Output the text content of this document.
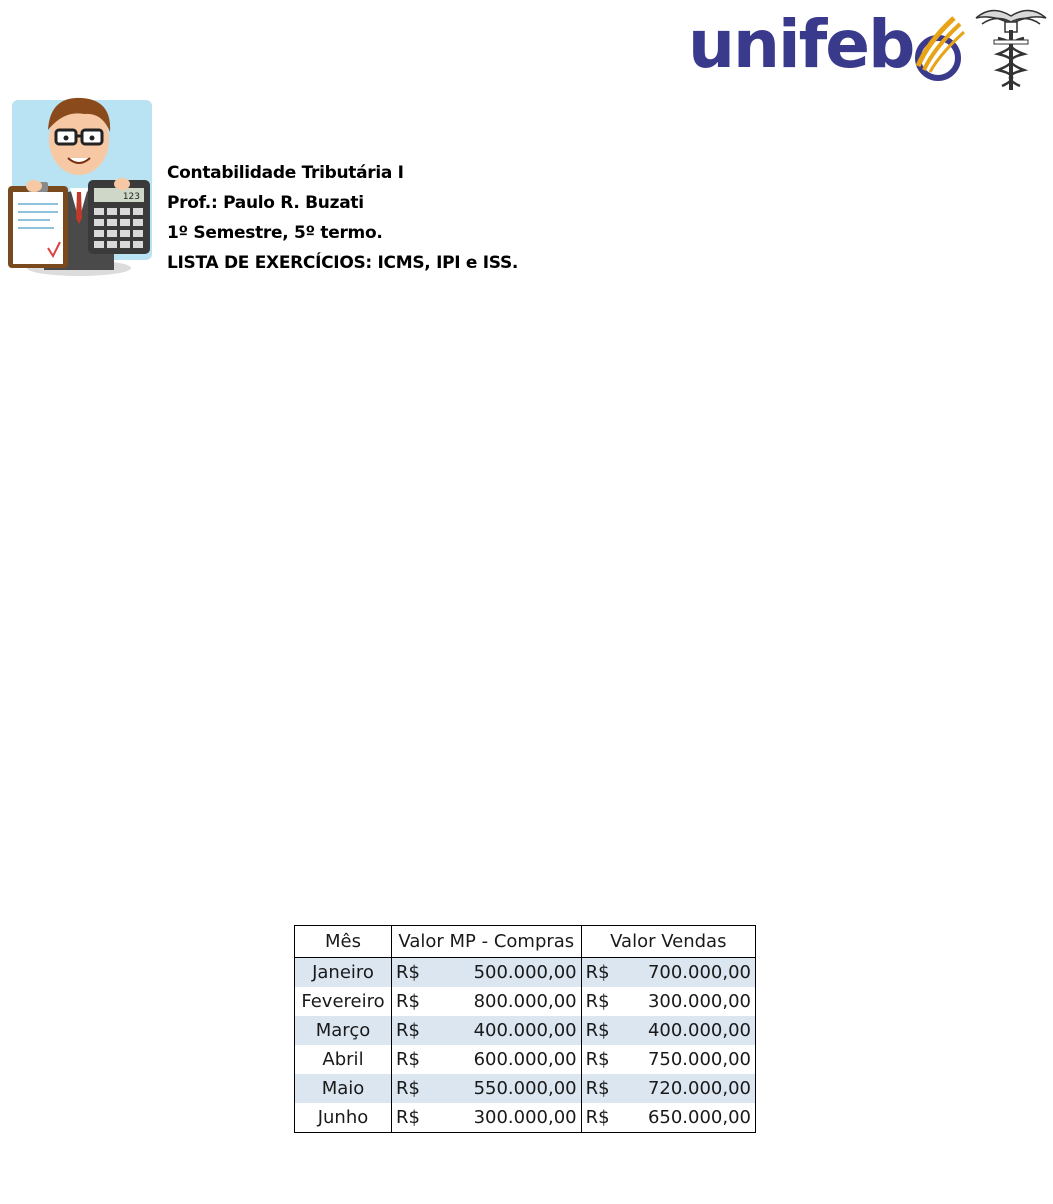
unifeb
123
Contabilidade Tributária I
Prof.: Paulo R. Buzati
1º Semestre, 5º termo.
LISTA DE EXERCÍCIOS: ICMS, IPI e ISS.
Mês	Valor MP - Compras		Valor Vendas	
Janeiro	R$	500.000,00	R$	700.000,00
Fevereiro	R$	800.000,00	R$	300.000,00
Março	R$	400.000,00	R$	400.000,00
Abril	R$	600.000,00	R$	750.000,00
Maio	R$	550.000,00	R$	720.000,00
Junho	R$	300.000,00	R$	650.000,00
